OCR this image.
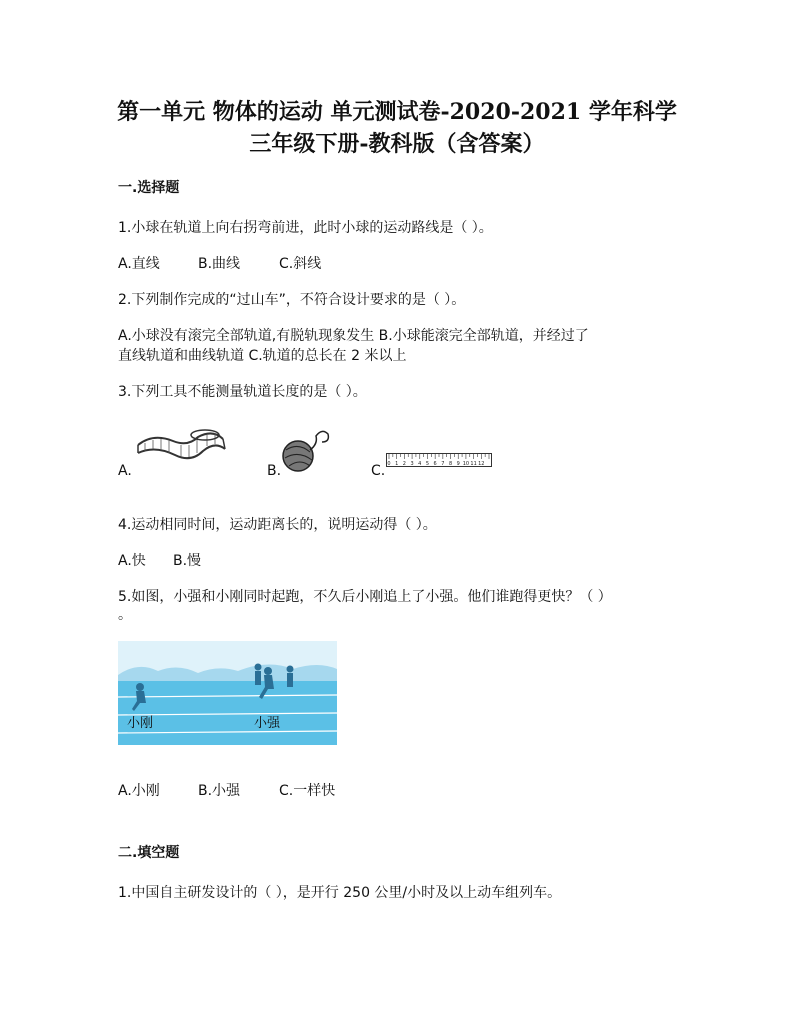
第一单元 物体的运动 单元测试卷-2020-2021 学年科学
三年级下册-教科版（含答案）
一.选择题
1.小球在轨道上向右拐弯前进，此时小球的运动路线是（ ）。
A.直线	B.曲线	C.斜线
2.下列制作完成的“过山车”，不符合设计要求的是（ ）。
A.小球没有滚完全部轨道,有脱轨现象发生 B.小球能滚完全部轨道，并经过了
直线轨道和曲线轨道 C.轨道的总长在 2 米以上
3.下列工具不能测量轨道长度的是（ ）。
A.	B.	0 1 2 3 4 5 6 7 8 9 10 11 12
C.
4.运动相同时间，运动距离长的，说明运动得（ ）。
A.快 B.慢
5.如图，小强和小刚同时起跑，不久后小刚追上了小强。他们谁跑得更快？（ ）
。
小刚	小强
A.小刚	B.小强	C.一样快
二.填空题
1.中国自主研发设计的（ ），是开行 250 公里/小时及以上动车组列车。
